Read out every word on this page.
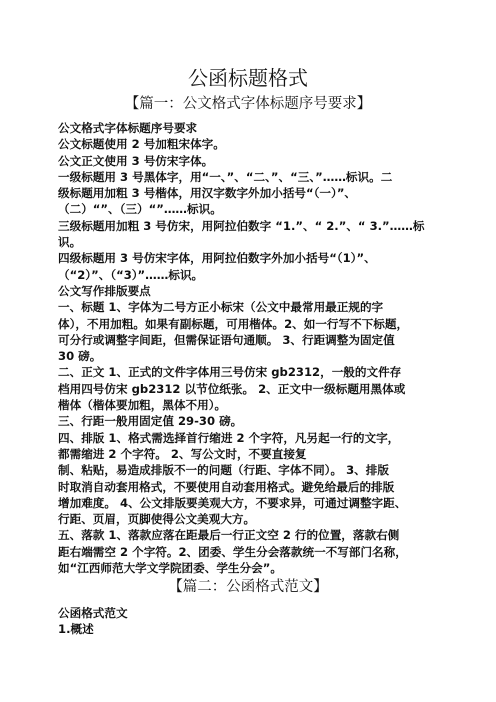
公函标题格式
【篇一：公文格式字体标题序号要求】
公文格式字体标题序号要求
公文标题使用 2 号加粗宋体字。
公文正文使用 3 号仿宋字体。
一级标题用 3 号黑体字，用“一、”、“二、”、“三、”……标识。二
级标题用加粗 3 号楷体，用汉字数字外加小括号“（一）”、
（二）“”、（三）“”……标识。
三级标题用加粗 3 号仿宋，用阿拉伯数字 “1.”、“ 2.”、“ 3.”……标
识。
四级标题用 3 号仿宋字体，用阿拉伯数字外加小括号“（1）”、
（“2）”、（“3）”……标识。
公文写作排版要点
一、标题 1、字体为二号方正小标宋（公文中最常用最正规的字
体），不用加粗。如果有副标题，可用楷体。2、如一行写不下标题，
可分行或调整字间距，但需保证语句通顺。 3、行距调整为固定值
30 磅。
二、正文 1、正式的文件字体用三号仿宋 gb2312，一般的文件存
档用四号仿宋 gb2312 以节位纸张。 2、正文中一级标题用黑体或
楷体（楷体要加粗，黑体不用）。
三、行距一般用固定值 29-30 磅。
四、排版 1、格式需选择首行缩进 2 个字符，凡另起一行的文字，
都需缩进 2 个字符。 2、写公文时，不要直接复
制、粘贴，易造成排版不一的问题（行距、字体不同）。 3、排版
时取消自动套用格式，不要使用自动套用格式。避免给最后的排版
增加难度。 4、公文排版要美观大方，不要求异，可通过调整字距、
行距、页眉，页脚使得公文美观大方。
五、落款 1、落款应落在距最后一行正文空 2 行的位置，落款右侧
距右端需空 2 个字符。2、团委、学生分会落款统一不写部门名称，
如“江西师范大学文学院团委、学生分会”。
【篇二：公函格式范文】
公函格式范文
1.概述
